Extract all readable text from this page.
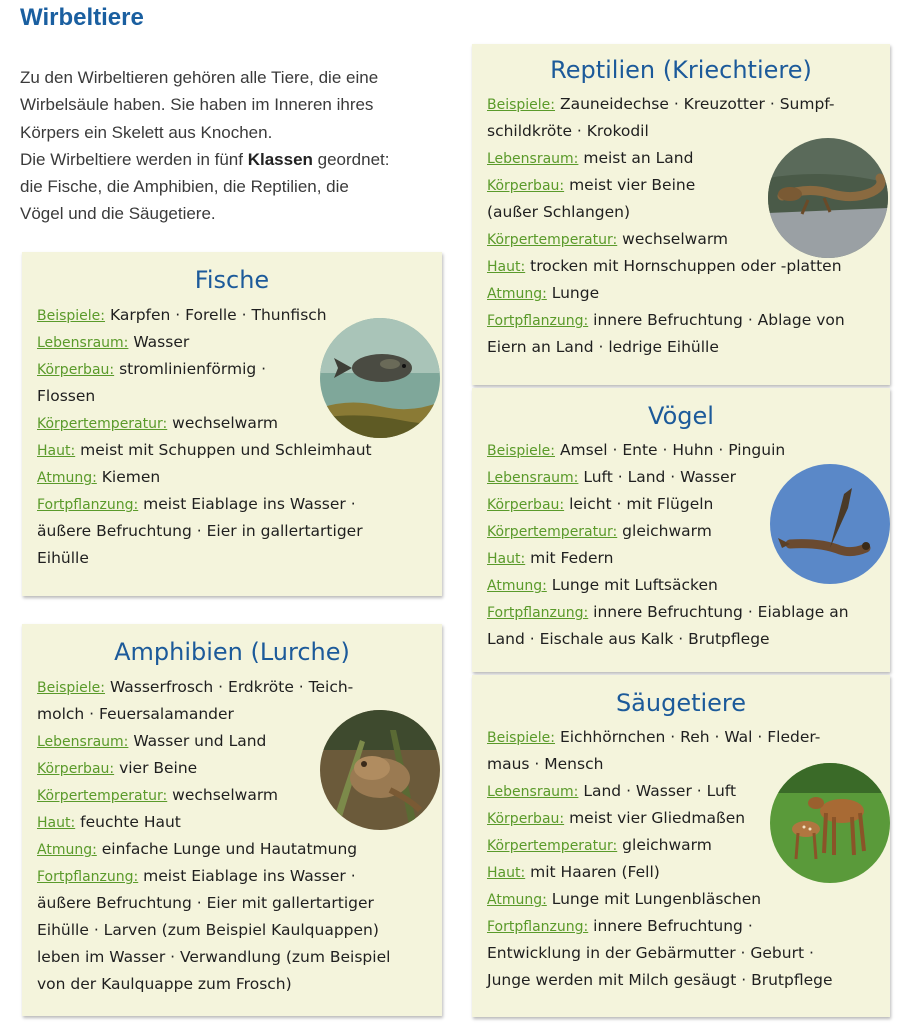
Wirbeltiere

Zu den Wirbeltieren gehören alle Tiere, die eine

Wirbelsäule haben. Sie haben im Inneren ihres

Körpers ein Skelett aus Knochen.

Die Wirbeltiere werden in fünf Klassen geordnet:

die Fische, die Amphibien, die Reptilien, die

Vögel und die Säugetiere.

Fische
Beispiele: Karpfen · Forelle · Thunfisch
Lebensraum: Wasser
Körperbau: stromlinienförmig ·
Flossen
Körpertemperatur: wechselwarm
Haut: meist mit Schuppen und Schleimhaut
Atmung: Kiemen
Fortpflanzung: meist Eiablage ins Wasser ·
äußere Befruchtung · Eier in gallertartiger
Eihülle
Amphibien (Lurche)
Beispiele: Wasserfrosch · Erdkröte · Teich-
molch · Feuersalamander
Lebensraum: Wasser und Land
Körperbau: vier Beine
Körpertemperatur: wechselwarm
Haut: feuchte Haut
Atmung: einfache Lunge und Hautatmung
Fortpflanzung: meist Eiablage ins Wasser ·
äußere Befruchtung · Eier mit gallertartiger
Eihülle · Larven (zum Beispiel Kaulquappen)
leben im Wasser · Verwandlung (zum Beispiel
von der Kaulquappe zum Frosch)
Reptilien (Kriechtiere)
Beispiele: Zauneidechse · Kreuzotter · Sumpf-
schildkröte · Krokodil
Lebensraum: meist an Land
Körperbau: meist vier Beine
(außer Schlangen)
Körpertemperatur: wechselwarm
Haut: trocken mit Hornschuppen oder -platten
Atmung: Lunge
Fortpflanzung: innere Befruchtung · Ablage von
Eiern an Land · ledrige Eihülle
Vögel
Beispiele: Amsel · Ente · Huhn · Pinguin
Lebensraum: Luft · Land · Wasser
Körperbau: leicht · mit Flügeln
Körpertemperatur: gleichwarm
Haut: mit Federn
Atmung: Lunge mit Luftsäcken
Fortpflanzung: innere Befruchtung · Eiablage an
Land · Eischale aus Kalk · Brutpflege
Säugetiere
Beispiele: Eichhörnchen · Reh · Wal · Fleder-
maus · Mensch
Lebensraum: Land · Wasser · Luft
Körperbau: meist vier Gliedmaßen
Körpertemperatur: gleichwarm
Haut: mit Haaren (Fell)
Atmung: Lunge mit Lungenbläschen
Fortpflanzung: innere Befruchtung ·
Entwicklung in der Gebärmutter · Geburt ·
Junge werden mit Milch gesäugt · Brutpflege
